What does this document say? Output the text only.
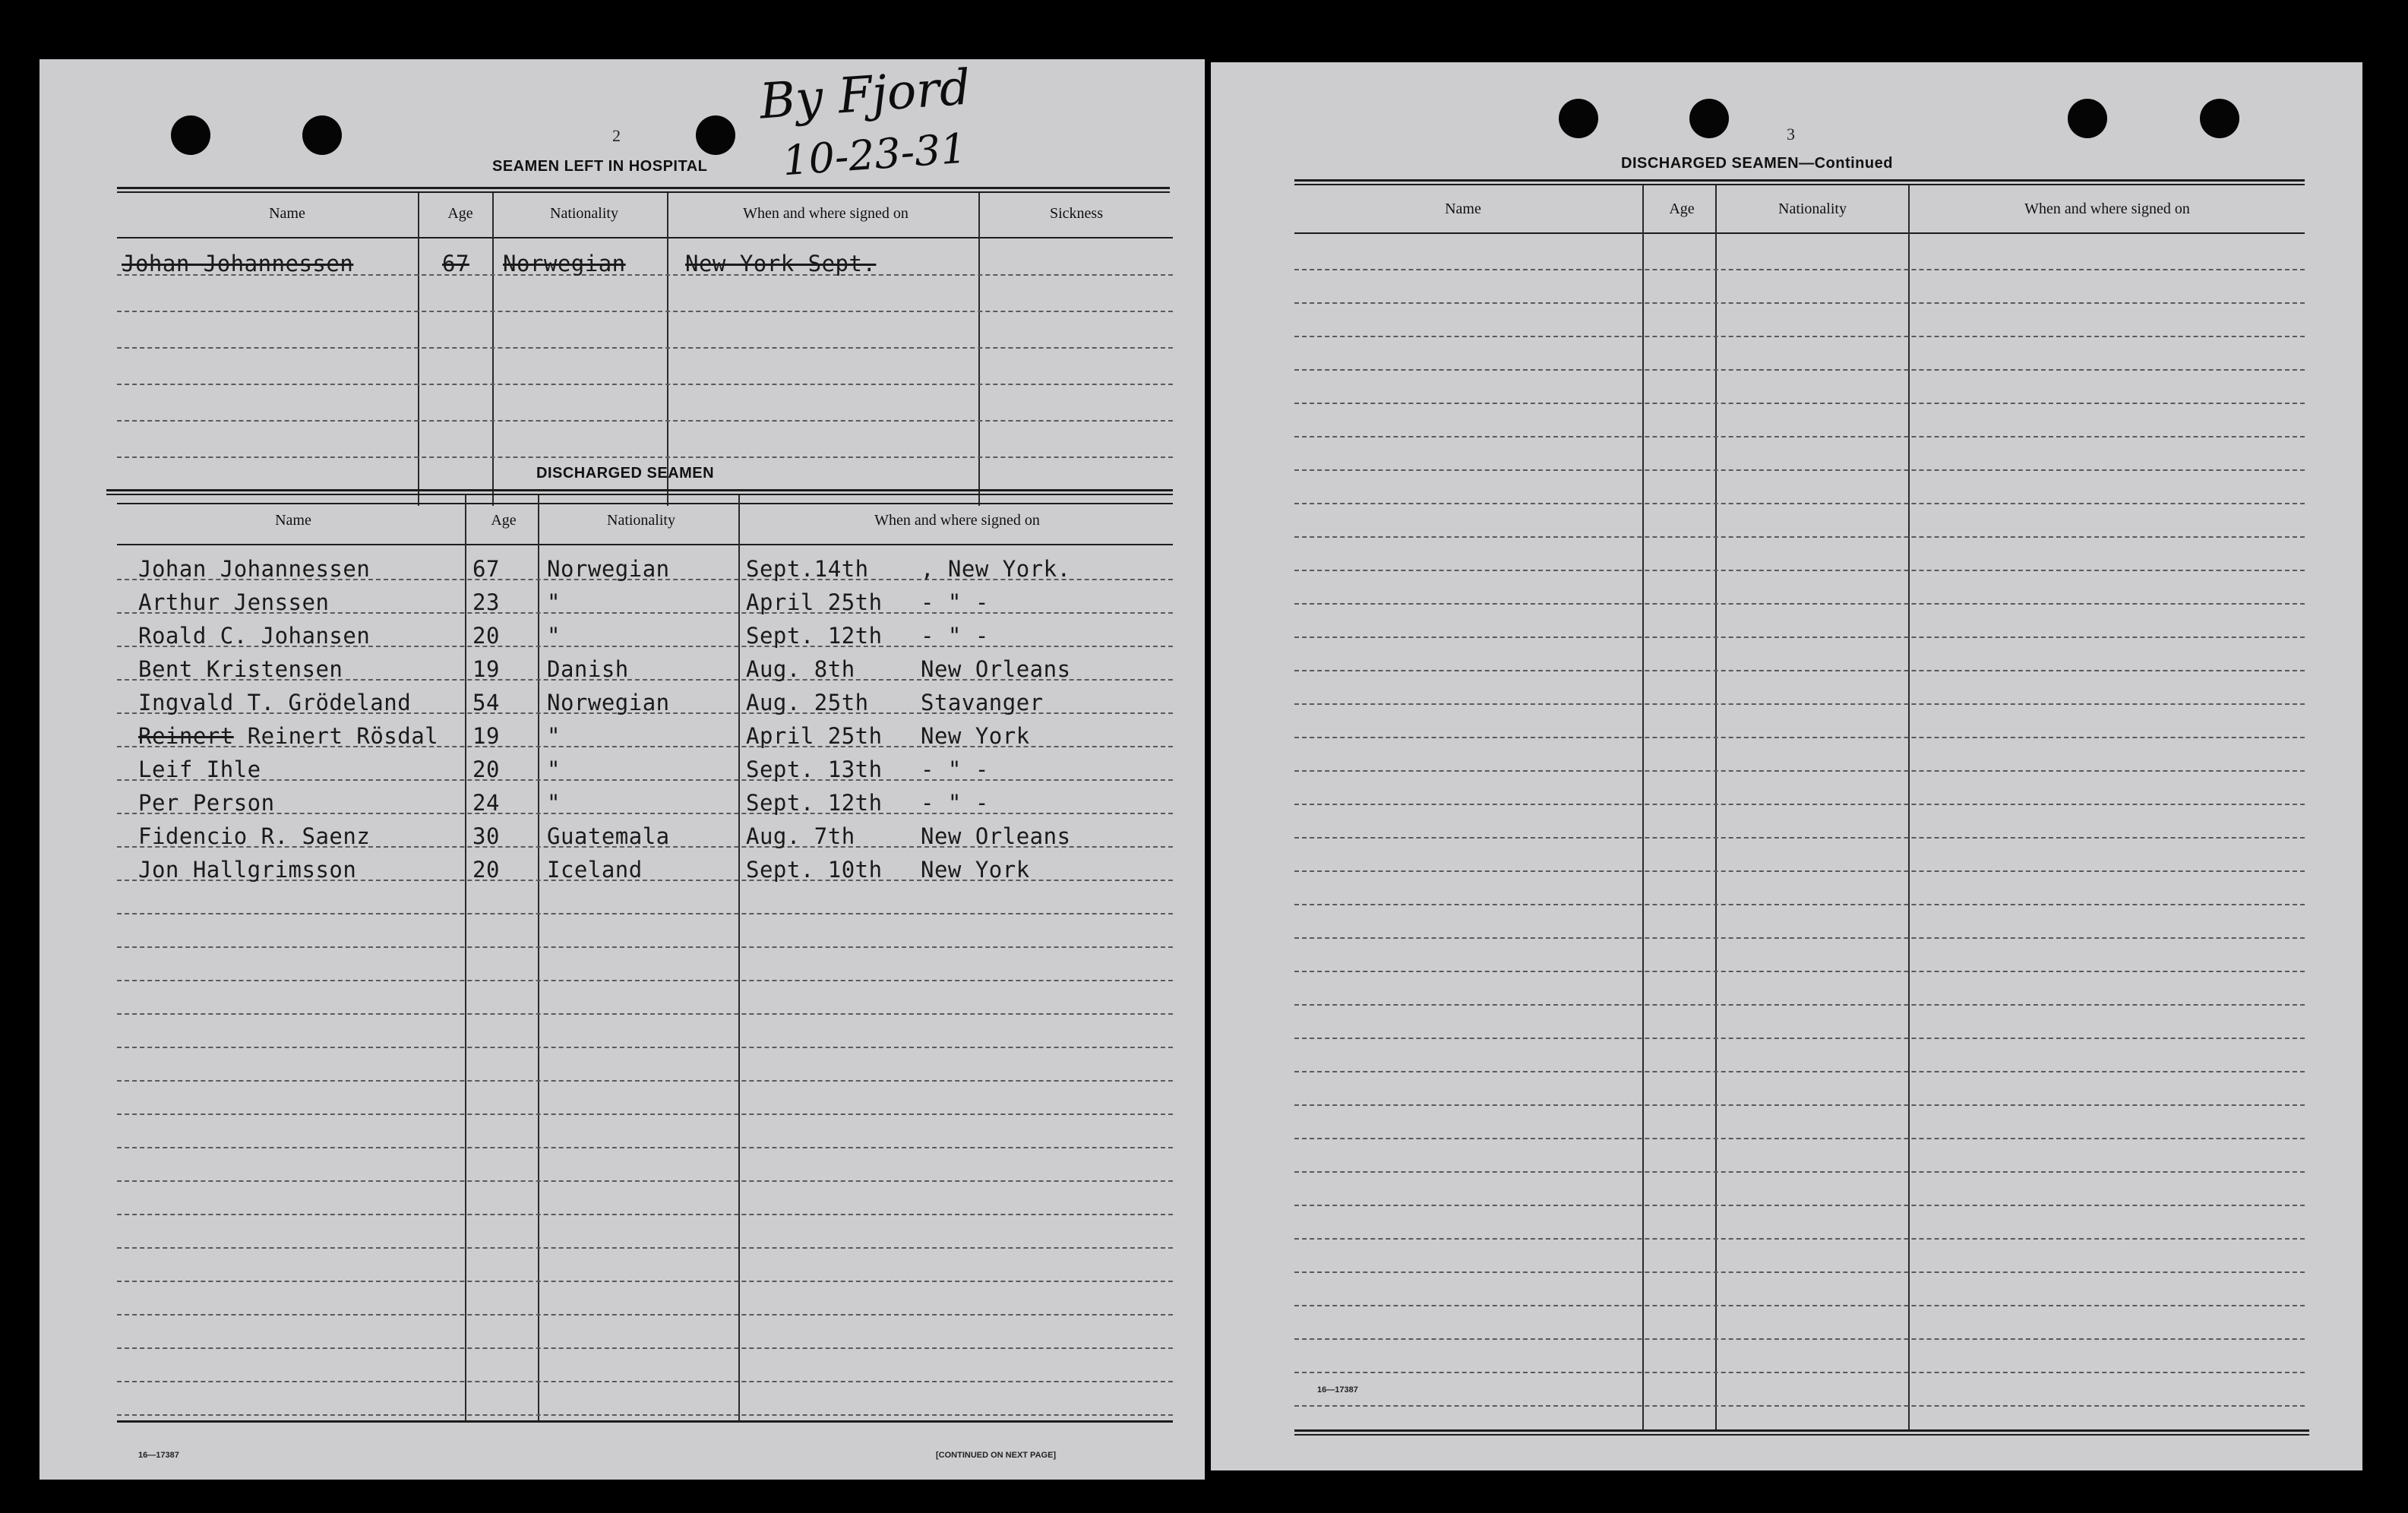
2
SEAMEN LEFT IN HOSPITAL
Name	Age	Nationality	When and where signed on	Sickness
Johan Johannessen	67 Norwegian	New York Sept.
DISCHARGED SEAMEN
Name	Age	Nationality	When and where signed on
Johan Johannessen	67 Norwegian	Sept.14th , New York.
Arthur Jenssen	23 "	April 25th - " -
Roald C. Johansen	20 "	Sept. 12th - " -
Bent Kristensen	19 Danish	Aug. 8th	New Orleans
Ingvald T. Grödeland	54 Norwegian	Aug. 25th Stavanger
Reinert Reinert Rösdal 19 "	April 25th New York
Leif Ihle	20 "	Sept. 13th - " -
Per Person	24 "	Sept. 12th - " -
Fidencio R. Saenz	30 Guatemala	Aug. 7th	New Orleans
Jon Hallgrimsson	20 Iceland	Sept. 10th New York
16—17387	[CONTINUED ON NEXT PAGE]
3
DISCHARGED SEAMEN—Continued
Name	Age	Nationality	When and where signed on
16—17387
By Fjord
10-23-31
